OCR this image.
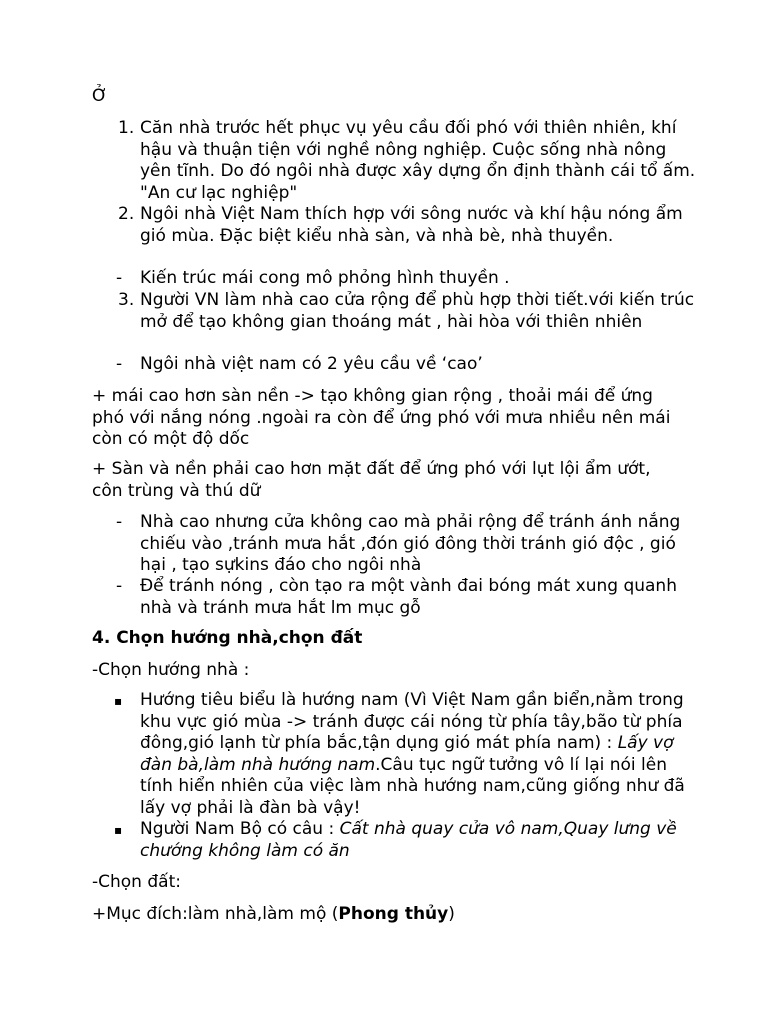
Ở
1. Căn nhà trước hết phục vụ yêu cầu đối phó với thiên nhiên, khí hậu và thuận tiện với nghề nông nghiệp. Cuộc sống nhà nông yên tĩnh. Do đó ngôi nhà được xây dựng ổn định thành cái tổ ấm. "An cư lạc nghiệp"
2. Ngôi nhà Việt Nam thích hợp với sông nước và khí hậu nóng ẩm gió mùa. Đặc biệt kiểu nhà sàn, và nhà bè, nhà thuyền.
- Kiến trúc mái cong mô phỏng hình thuyền .
3. Người VN làm nhà cao cửa rộng để phù hợp thời tiết.với kiến trúc mở để tạo không gian thoáng mát , hài hòa với thiên nhiên
- Ngôi nhà việt nam có 2 yêu cầu về ‘cao’
+ mái cao hơn sàn nền -> tạo không gian rộng , thoải mái để ứng phó với nắng nóng .ngoài ra còn để ứng phó với mưa nhiều nên mái còn có một độ dốc
+ Sàn và nền phải cao hơn mặt đất để ứng phó với lụt lội ẩm ướt, côn trùng và thú dữ
- Nhà cao nhưng cửa không cao mà phải rộng để tránh ánh nắng chiếu vào ,tránh mưa hắt ,đón gió đông thời tránh gió độc , gió hại , tạo sựkins đáo cho ngôi nhà
- Để tránh nóng , còn tạo ra một vành đai bóng mát xung quanh nhà và tránh mưa hắt lm mục gỗ
4. Chọn hướng nhà,chọn đất
-Chọn hướng nhà :
▪ Hướng tiêu biểu là hướng nam (Vì Việt Nam gần biển,nằm trong khu vực gió mùa -> tránh được cái nóng từ phía tây,bão từ phía đông,gió lạnh từ phía bắc,tận dụng gió mát phía nam) : Lấy vợ đàn bà,làm nhà hướng nam.Câu tục ngữ tưởng vô lí lại nói lên tính hiển nhiên của việc làm nhà hướng nam,cũng giống như đã lấy vợ phải là đàn bà vậy!
▪ Người Nam Bộ có câu : Cất nhà quay cửa vô nam,Quay lưng về chướng không làm có ăn
-Chọn đất:
+Mục đích:làm nhà,làm mộ (Phong thủy)
